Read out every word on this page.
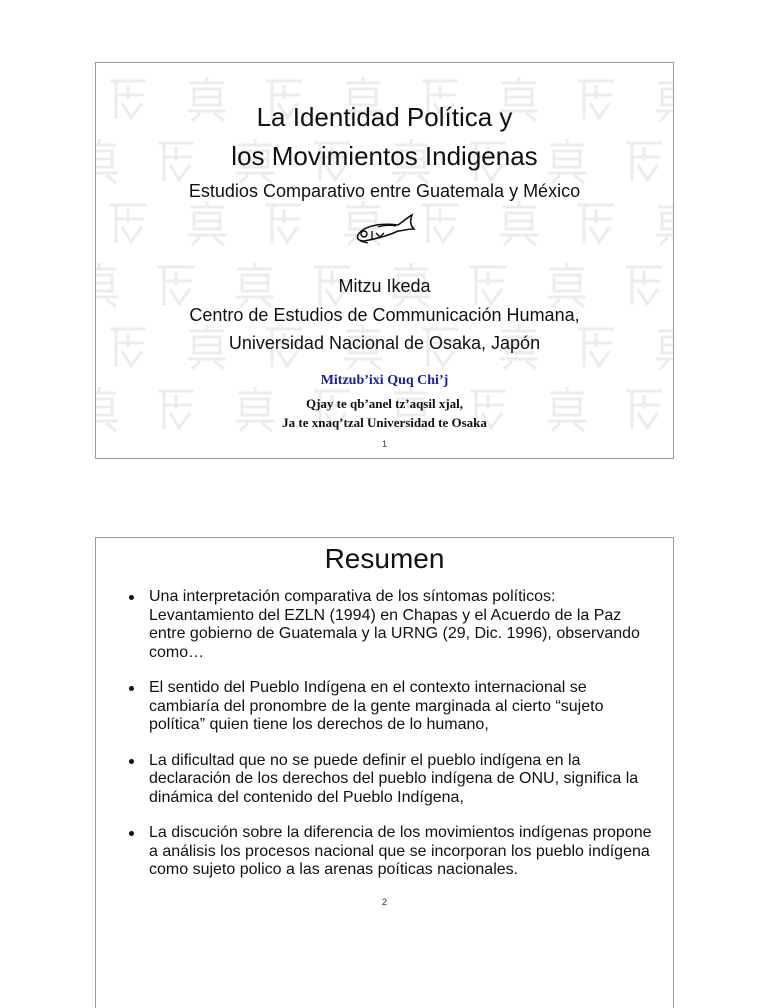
La Identidad Política y
los Movimientos Indigenas
Estudios Comparativo entre Guatemala y México
Mitzu Ikeda
Centro de Estudios de Communicación Humana,
Universidad Nacional de Osaka, Japón
Mitzub’ixi Quq Chi’j
Qjay te qb’anel tz’aqsil xjal,
Ja te xnaq’tzal Universidad te Osaka
1
Resumen
Una interpretación comparativa de los síntomas políticos: Levantamiento del EZLN (1994) en Chapas y el Acuerdo de la Paz entre gobierno de Guatemala y la URNG (29, Dic. 1996), observando como…
El sentido del Pueblo Indígena en el contexto internacional se cambiaría del pronombre de la gente marginada al cierto “sujeto política” quien tiene los derechos de lo humano,
La dificultad que no se puede definir el pueblo indígena en la declaración de los derechos del pueblo indígena de ONU, significa la dinámica del contenido del Pueblo Indígena,
La discución sobre la diferencia de los movimientos indígenas propone a análisis los procesos nacional que se incorporan los pueblo indígena como sujeto polico a las arenas poíticas nacionales.
2
